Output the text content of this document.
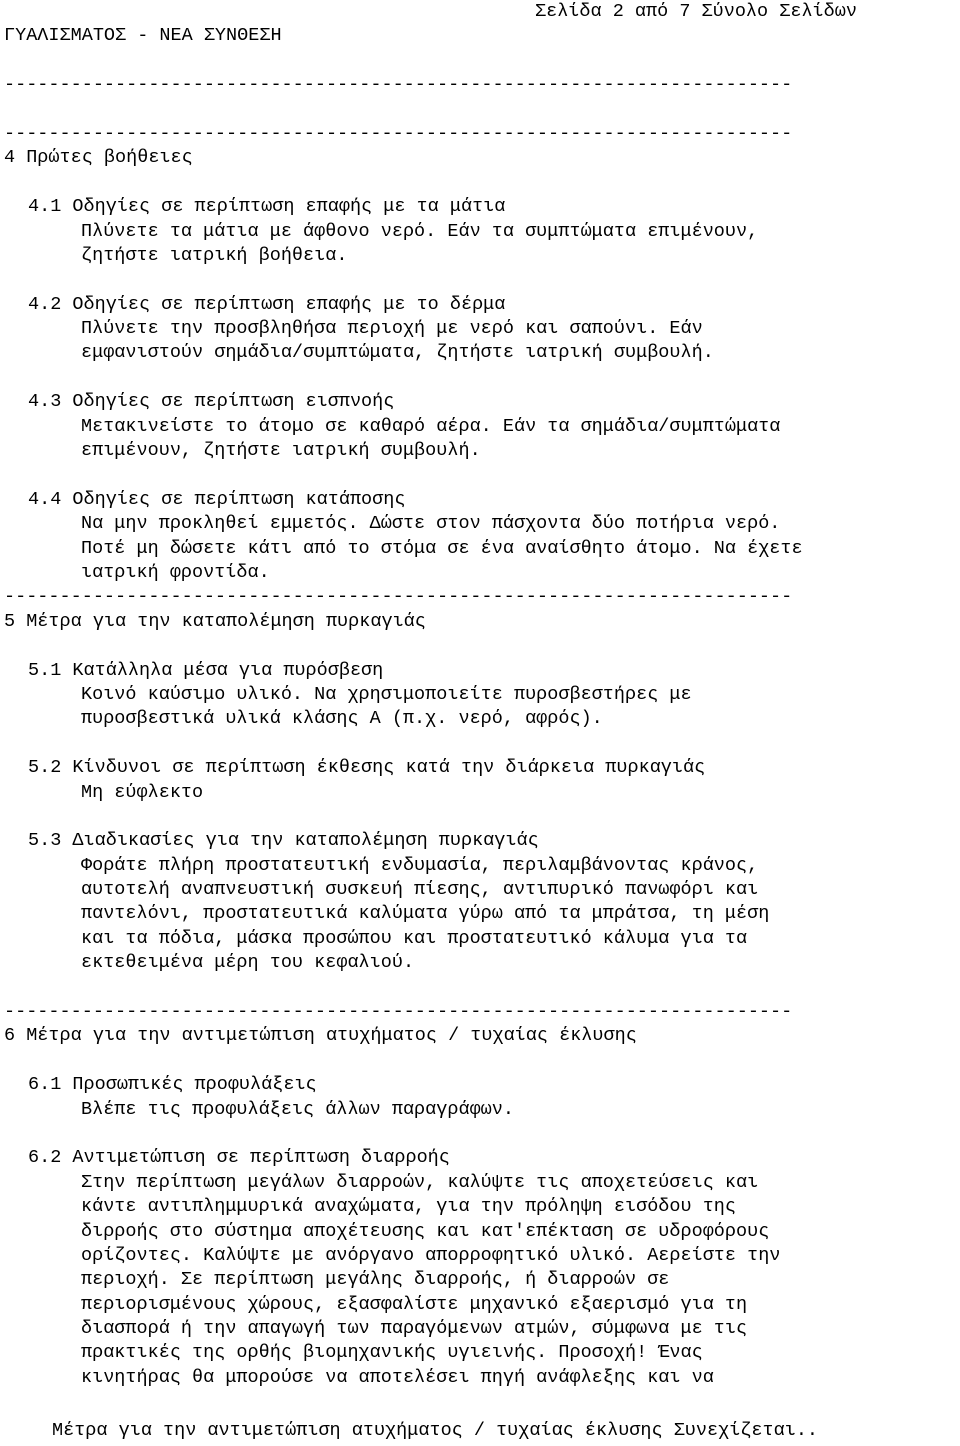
Σελίδα 2 από 7 Σύνολο Σελίδων

ΓΥΑΛΙΣΜΑΤΟΣ - ΝΕΑ ΣΥΝΘΕΣΗ
-----------------------------------------------------------------------
-----------------------------------------------------------------------
4 Πρώτες βοήθειες
4.1 Οδηγίες σε περίπτωση επαφής με τα μάτια
Πλύνετε τα μάτια με άφθονο νερό. Εάν τα συμπτώματα επιμένουν,
ζητήστε ιατρική βοήθεια.
4.2 Οδηγίες σε περίπτωση επαφής με το δέρμα
Πλύνετε την προσβληθήσα περιοχή με νερό και σαπούνι. Εάν
εμφανιστούν σημάδια/συμπτώματα, ζητήστε ιατρική συμβουλή.
4.3 Οδηγίες σε περίπτωση εισπνοής
Μετακινείστε το άτομο σε καθαρό αέρα. Εάν τα σημάδια/συμπτώματα
επιμένουν, ζητήστε ιατρική συμβουλή.
4.4 Οδηγίες σε περίπτωση κατάποσης
Να μην προκληθεί εμμετός. Δώστε στον πάσχοντα δύο ποτήρια νερό.
Ποτέ μη δώσετε κάτι από το στόμα σε ένα αναίσθητο άτομο. Να έχετε
ιατρική φροντίδα.
-----------------------------------------------------------------------
5 Μέτρα για την καταπολέμηση πυρκαγιάς
5.1 Κατάλληλα μέσα για πυρόσβεση
Κοινό καύσιμο υλικό. Να χρησιμοποιείτε πυροσβεστήρες με
πυροσβεστικά υλικά κλάσης Α (π.χ. νερό, αφρός).
5.2 Κίνδυνοι σε περίπτωση έκθεσης κατά την διάρκεια πυρκαγιάς
Μη εύφλεκτο
5.3 Διαδικασίες για την καταπολέμηση πυρκαγιάς
Φοράτε πλήρη προστατευτική ενδυμασία, περιλαμβάνοντας κράνος,
αυτοτελή αναπνευστική συσκευή πίεσης, αντιπυρικό πανωφόρι και
παντελόνι, προστατευτικά καλύματα γύρω από τα μπράτσα, τη μέση
και τα πόδια, μάσκα προσώπου και προστατευτικό κάλυμα για τα
εκτεθειμένα μέρη του κεφαλιού.
-----------------------------------------------------------------------
6 Μέτρα για την αντιμετώπιση ατυχήματος / τυχαίας έκλυσης
6.1 Προσωπικές προφυλάξεις
Βλέπε τις προφυλάξεις άλλων παραγράφων.
6.2 Αντιμετώπιση σε περίπτωση διαρροής
Στην περίπτωση μεγάλων διαρροών, καλύψτε τις αποχετεύσεις και
κάντε αντιπλημμυρικά αναχώματα, για την πρόληψη εισόδου της
διρροής στο σύστημα αποχέτευσης και κατ'επέκταση σε υδροφόρους
ορίζοντες. Καλύψτε με ανόργανο απορροφητικό υλικό. Αερείστε την
περιοχή. Σε περίπτωση μεγάλης διαρροής, ή διαρροών σε
περιορισμένους χώρους, εξασφαλίστε μηχανικό εξαερισμό για τη
διασπορά ή την απαγωγή των παραγόμενων ατμών, σύμφωνα με τις
πρακτικές της ορθής βιομηχανικής υγιεινής. Προσοχή! Ένας
κινητήρας θα μπορούσε να αποτελέσει πηγή ανάφλεξης και να
Μέτρα για την αντιμετώπιση ατυχήματος / τυχαίας έκλυσης Συνεχίζεται..
